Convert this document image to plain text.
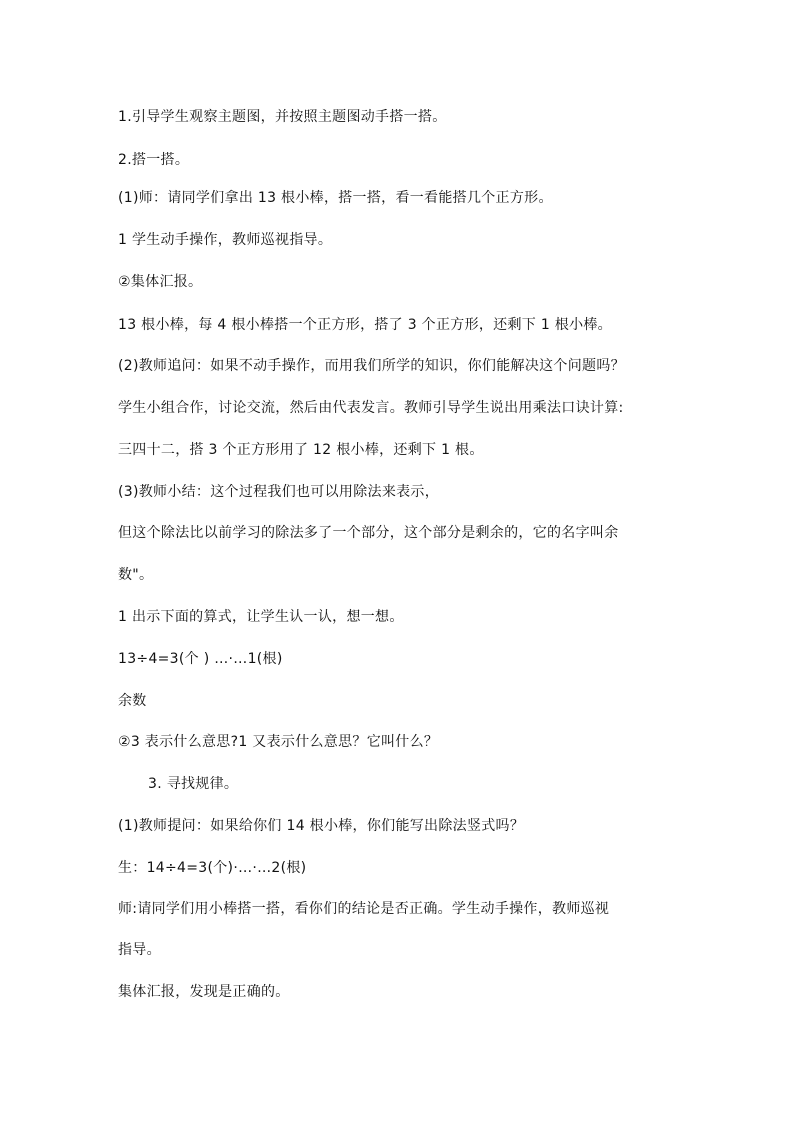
1.引导学生观察主题图，并按照主题图动手搭一搭。
2.搭一搭。
(1)师：请同学们拿出 13 根小棒，搭一搭，看一看能搭几个正方形。
1 学生动手操作，教师巡视指导。
②集体汇报。
13 根小棒，每 4 根小棒搭一个正方形，搭了 3 个正方形，还剩下 1 根小棒。
(2)教师追问：如果不动手操作，而用我们所学的知识，你们能解决这个问题吗？
学生小组合作，讨论交流，然后由代表发言。教师引导学生说出用乘法口诀计算:
三四十二，搭 3 个正方形用了 12 根小棒，还剩下 1 根。
(3)教师小结：这个过程我们也可以用除法来表示，
但这个除法比以前学习的除法多了一个部分，这个部分是剩余的，它的名字叫余
数"。
1 出示下面的算式，让学生认一认，想一想。
13÷4=3(个 ) …·…1(根)
余数
②3 表示什么意思?1 又表示什么意思？它叫什么？
3. 寻找规律。
(1)教师提问：如果给你们 14 根小棒，你们能写出除法竖式吗？
生：14÷4=3(个)·…·…2(根)
师:请同学们用小棒搭一搭，看你们的结论是否正确。学生动手操作，教师巡视
指导。
集体汇报，发现是正确的。
